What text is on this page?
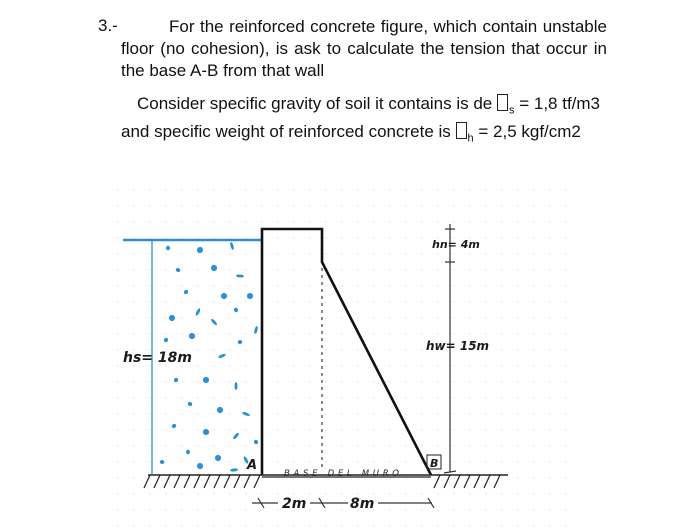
3.-	For the reinforced concrete figure, which contain unstable floor (no cohesion), is ask to calculate the tension that occur in the base A-B from that wall

Consider specific gravity of soil it contains is de $_s$ = 1,8 tf/m3 and specific weight of reinforced concrete is $_h$ = 2,5 kgf/cm2

hs= 18m
hn= 4m
hw= 15m
A	B
BASE DEL MURO
2m	8m
